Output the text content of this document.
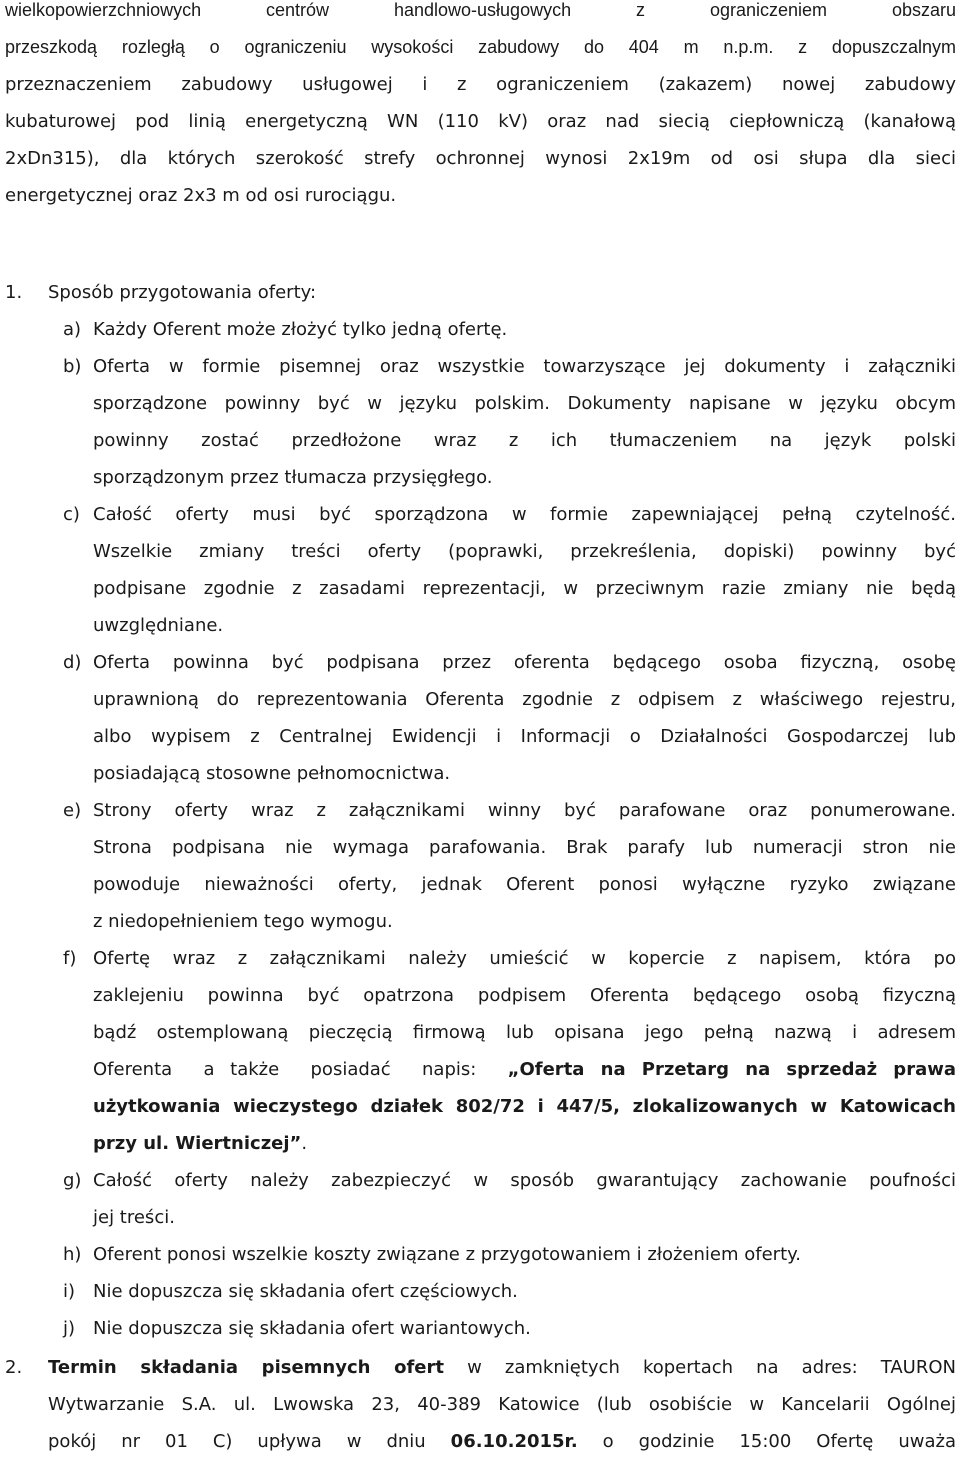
wielkopowierzchniowych centrów handlowo-usługowych z ograniczeniem obszaru
przeszkodą rozległą o ograniczeniu wysokości zabudowy do 404 m n.p.m. z dopuszczalnym
przeznaczeniem zabudowy usługowej i z ograniczeniem (zakazem) nowej zabudowy
kubaturowej pod linią energetyczną WN (110 kV) oraz nad siecią ciepłowniczą (kanałową
2xDn315), dla których szerokość strefy ochronnej wynosi 2x19m od osi słupa dla sieci
energetycznej oraz 2x3 m od osi rurociągu.
1. Sposób przygotowania oferty:
a) Każdy Oferent może złożyć tylko jedną ofertę.
b) Oferta w formie pisemnej oraz wszystkie towarzyszące jej dokumenty i załączniki
sporządzone powinny być w języku polskim. Dokumenty napisane w języku obcym
powinny zostać przedłożone wraz z ich tłumaczeniem na język polski
sporządzonym przez tłumacza przysięgłego.
c) Całość oferty musi być sporządzona w formie zapewniającej pełną czytelność.
Wszelkie zmiany treści oferty (poprawki, przekreślenia, dopiski) powinny być
podpisane zgodnie z zasadami reprezentacji, w przeciwnym razie zmiany nie będą
uwzględniane.
d) Oferta powinna być podpisana przez oferenta będącego osoba fizyczną, osobę
uprawnioną do reprezentowania Oferenta zgodnie z odpisem z właściwego rejestru,
albo wypisem z Centralnej Ewidencji i Informacji o Działalności Gospodarczej lub
posiadającą stosowne pełnomocnictwa.
e) Strony oferty wraz z załącznikami winny być parafowane oraz ponumerowane.
Strona podpisana nie wymaga parafowania. Brak parafy lub numeracji stron nie
powoduje nieważności oferty, jednak Oferent ponosi wyłączne ryzyko związane
z niedopełnieniem tego wymogu.
f) Ofertę wraz z załącznikami należy umieścić w kopercie z napisem, która po
zaklejeniu powinna być opatrzona podpisem Oferenta będącego osobą fizyczną
bądź ostemplowaną pieczęcią firmową lub opisana jego pełną nazwą i adresem
Oferenta  a także  posiadać  napis:  „Oferta na Przetarg na sprzedaż prawa
użytkowania wieczystego działek 802/72 i 447/5, zlokalizowanych w Katowicach
przy ul. Wiertniczej”.
g) Całość oferty należy zabezpieczyć w sposób gwarantujący zachowanie poufności
jej treści.
h) Oferent ponosi wszelkie koszty związane z przygotowaniem i złożeniem oferty.
i) Nie dopuszcza się składania ofert częściowych.
j) Nie dopuszcza się składania ofert wariantowych.
2. Termin składania pisemnych ofert w zamkniętych kopertach na adres: TAURON
Wytwarzanie S.A. ul. Lwowska 23, 40-389 Katowice (lub osobiście w Kancelarii Ogólnej
pokój nr 01 C) upływa w dniu 06.10.2015r. o godzinie 15:00 Ofertę uważa
